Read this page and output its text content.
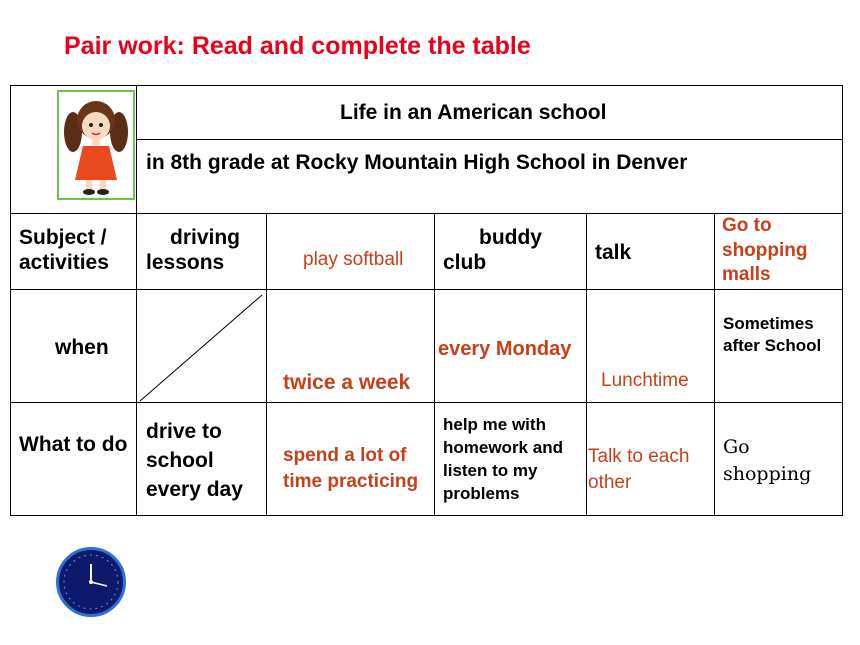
Pair work: Read and complete the table
Life in an American school
in 8th grade at Rocky Mountain High School in Denver
Subject / activities
when
What to do
driving lessons	play softball
buddy club	talk
Go to shopping malls
twice a week
every Monday
Lunchtime
Sometimes after School
drive to school every day
spend a lot of time practicing
help me with homework and listen to my problems
Talk to each other
Go shopping
